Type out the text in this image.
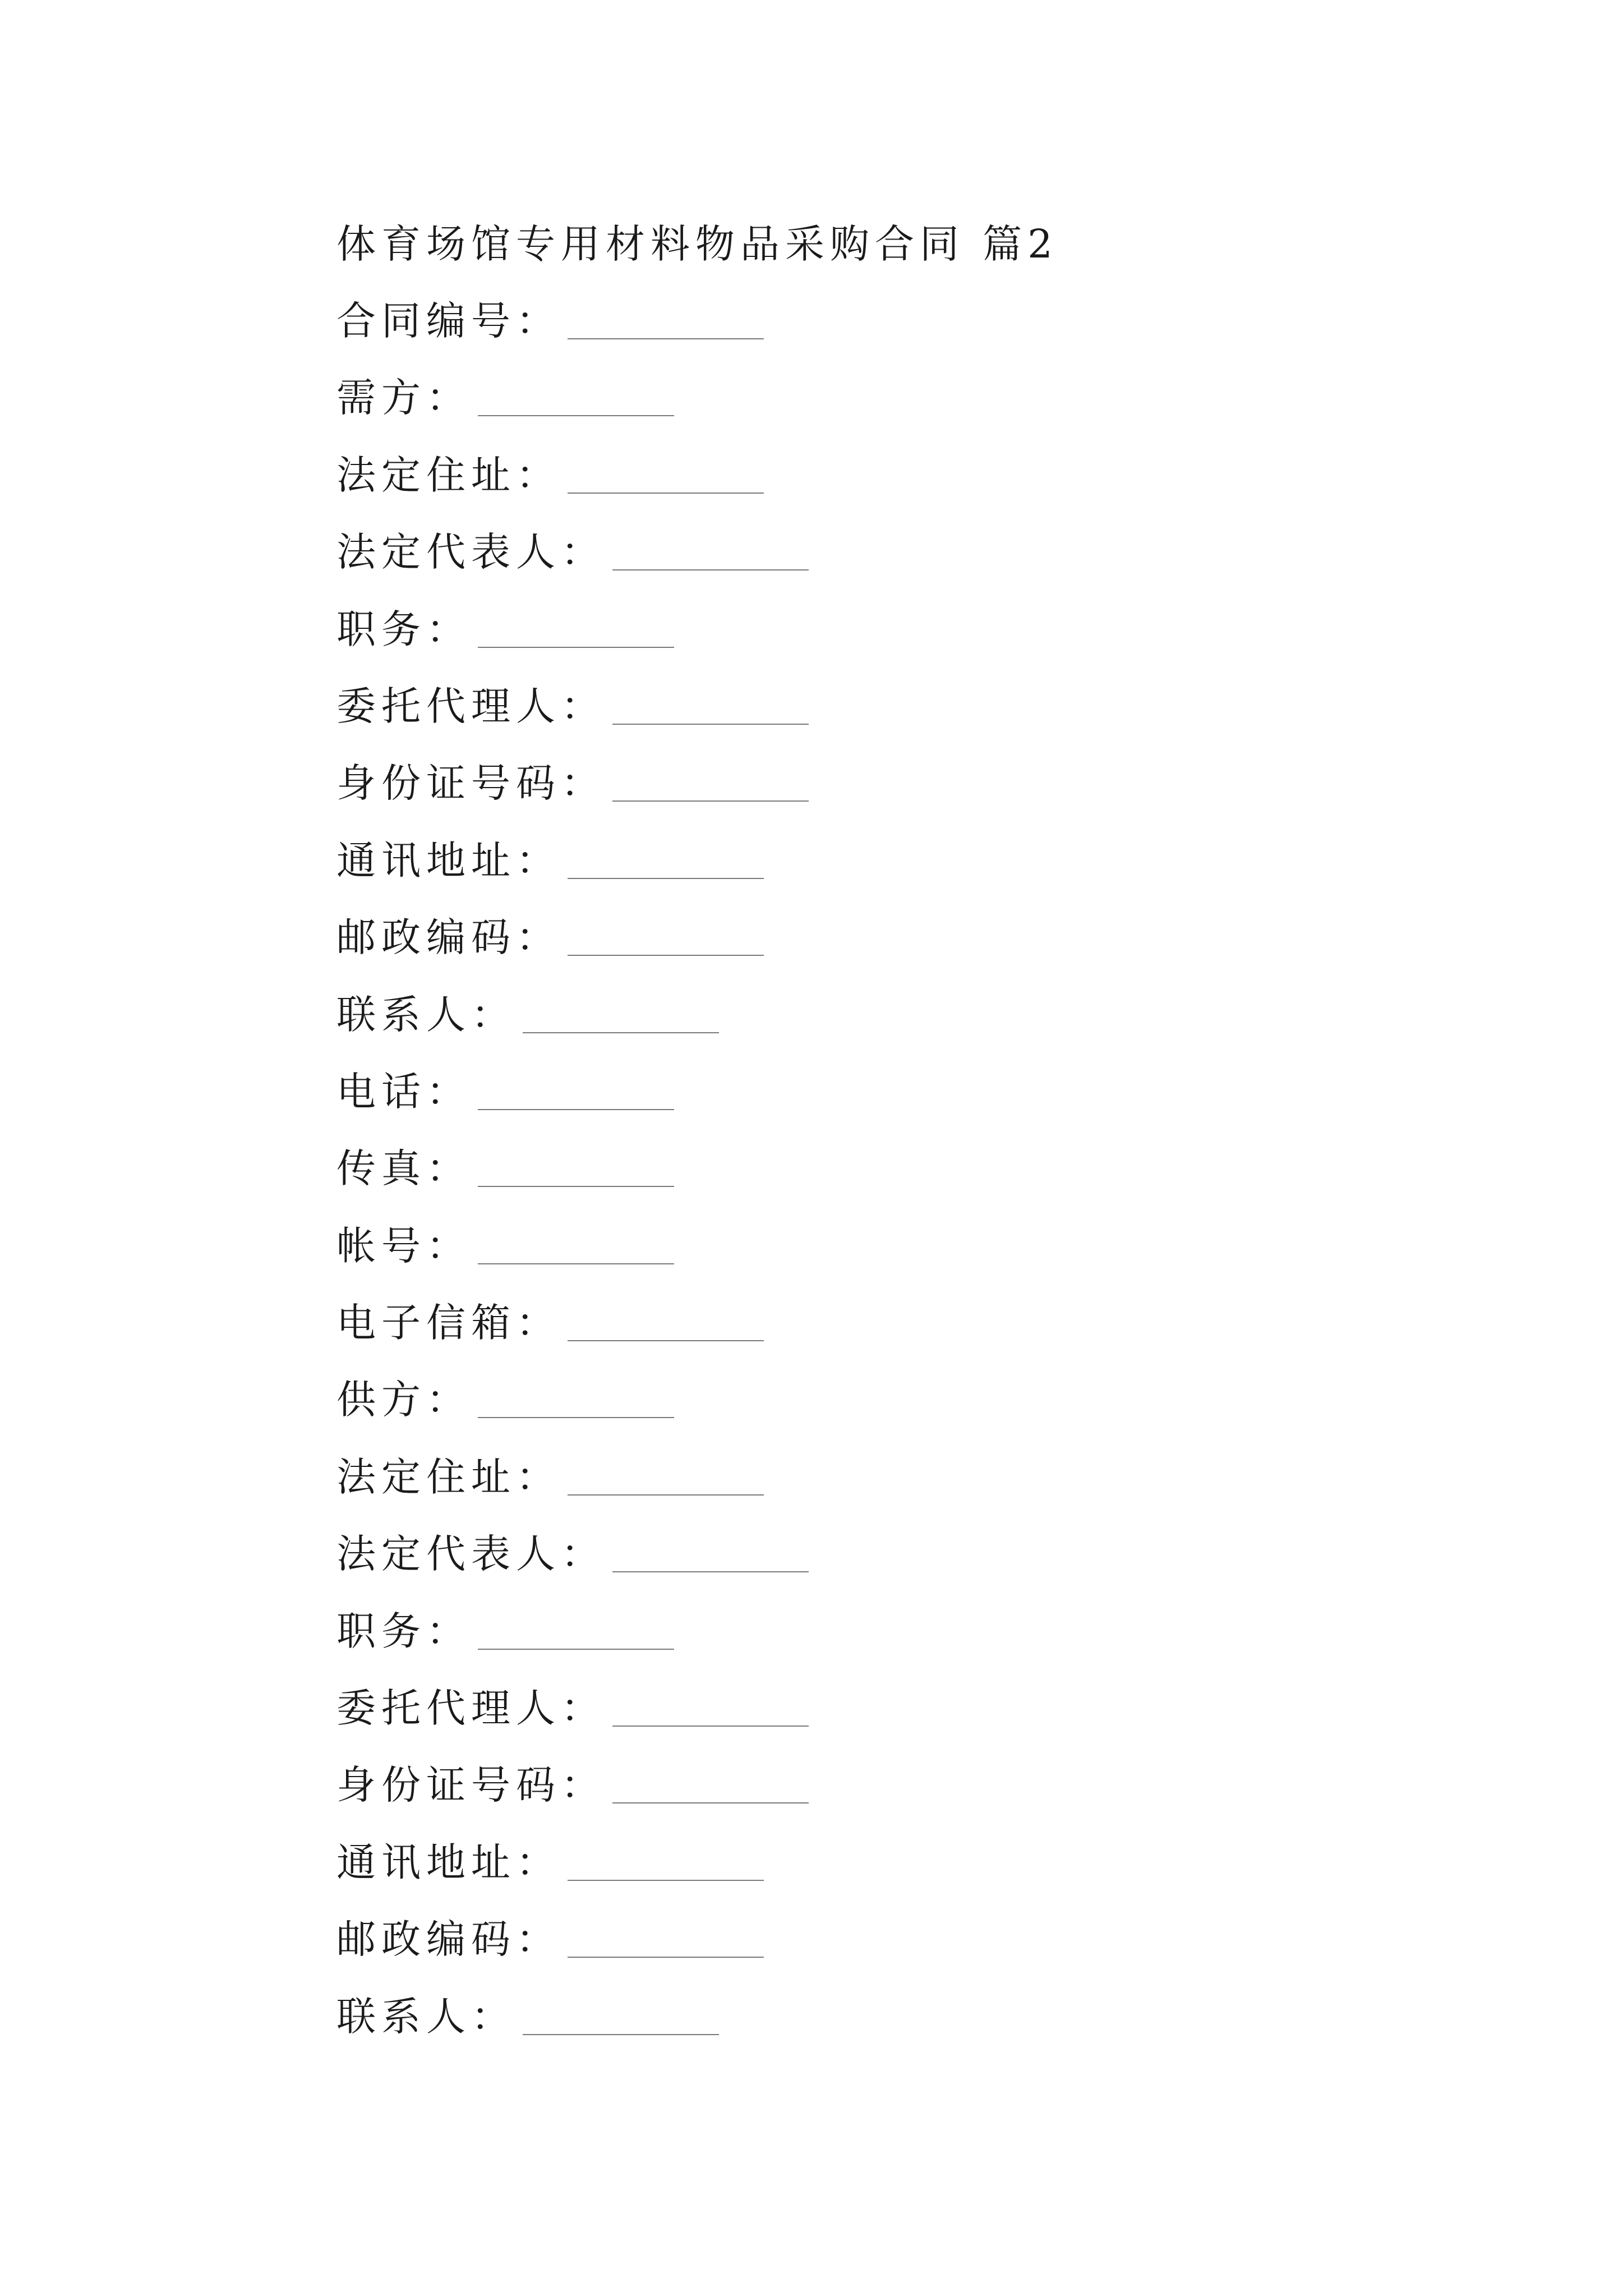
体育场馆专用材料物品采购合同 篇2
合同编号：
需方：
法定住址：
法定代表人：
职务：
委托代理人：
身份证号码：
通讯地址：
邮政编码：
联系人：
电话：
传真：
帐号：
电子信箱：
供方：
法定住址：
法定代表人：
职务：
委托代理人：
身份证号码：
通讯地址：
邮政编码：
联系人：
